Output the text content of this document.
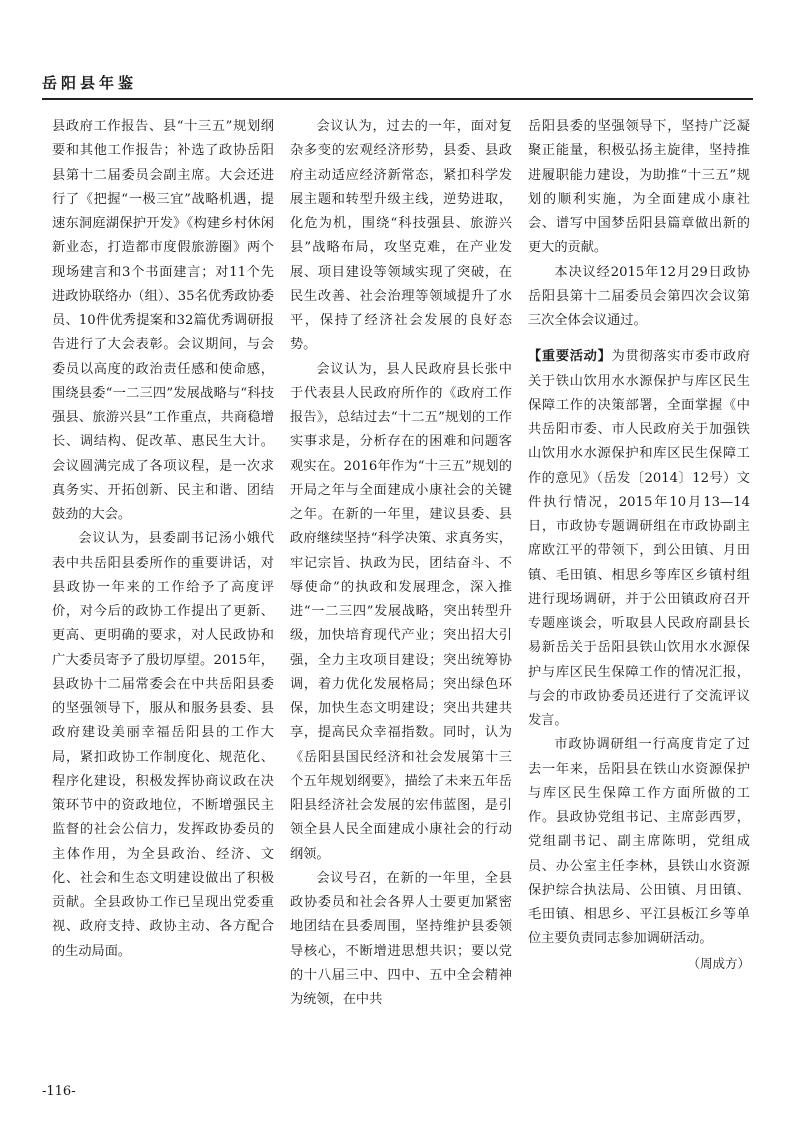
岳阳县年鉴

县政府工作报告、县“十三五”规划纲要和其他工作报告；补选了政协岳阳县第十二届委员会副主席。大会还进行了《把握“一极三宜”战略机遇，提速东洞庭湖保护开发》《构建乡村休闲新业态，打造都市度假旅游圈》两个现场建言和3个书面建言；对11个先进政协联络办（组）、35名优秀政协委员、10件优秀提案和32篇优秀调研报告进行了大会表彰。会议期间，与会委员以高度的政治责任感和使命感，围绕县委“一二三四”发展战略与“科技强县、旅游兴县”工作重点，共商稳增长、调结构、促改革、惠民生大计。会议圆满完成了各项议程，是一次求真务实、开拓创新、民主和谐、团结鼓劲的大会。

会议认为，县委副书记汤小娥代表中共岳阳县委所作的重要讲话，对县政协一年来的工作给予了高度评价，对今后的政协工作提出了更新、更高、更明确的要求，对人民政协和广大委员寄予了殷切厚望。2015年，县政协十二届常委会在中共岳阳县委的坚强领导下，服从和服务县委、县政府建设美丽幸福岳阳县的工作大局，紧扣政协工作制度化、规范化、程序化建设，积极发挥协商议政在决策环节中的资政地位，不断增强民主监督的社会公信力，发挥政协委员的主体作用，为全县政治、经济、文化、社会和生态文明建设做出了积极贡献。全县政协工作已呈现出党委重视、政府支持、政协主动、各方配合的生动局面。

会议认为，过去的一年，面对复杂多变的宏观经济形势，县委、县政府主动适应经济新常态，紧扣科学发展主题和转型升级主线，逆势进取，化危为机，围绕“科技强县、旅游兴县”战略布局，攻坚克难，在产业发展、项目建设等领域实现了突破，在民生改善、社会治理等领域提升了水平，保持了经济社会发展的良好态势。

会议认为，县人民政府县长张中于代表县人民政府所作的《政府工作报告》，总结过去“十二五”规划的工作实事求是，分析存在的困难和问题客观实在。2016年作为“十三五”规划的开局之年与全面建成小康社会的关键之年。在新的一年里，建议县委、县政府继续坚持“科学决策、求真务实，牢记宗旨、执政为民，团结奋斗、不辱使命”的执政和发展理念，深入推进“一二三四”发展战略，突出转型升级，加快培育现代产业；突出招大引强，全力主攻项目建设；突出统筹协调，着力优化发展格局；突出绿色环保，加快生态文明建设；突出共建共享，提高民众幸福指数。同时，认为《岳阳县国民经济和社会发展第十三个五年规划纲要》，描绘了未来五年岳阳县经济社会发展的宏伟蓝图，是引领全县人民全面建成小康社会的行动纲领。

会议号召，在新的一年里，全县政协委员和社会各界人士要更加紧密地团结在县委周围，坚持维护县委领导核心，不断增进思想共识；要以党的十八届三中、四中、五中全会精神为统领，在中共

岳阳县委的坚强领导下，坚持广泛凝聚正能量，积极弘扬主旋律，坚持推进履职能力建设，为助推“十三五”规划的顺利实施，为全面建成小康社会、谱写中国梦岳阳县篇章做出新的更大的贡献。

本决议经2015年12月29日政协岳阳县第十二届委员会第四次会议第三次全体会议通过。

【重要活动】为贯彻落实市委市政府关于铁山饮用水水源保护与库区民生保障工作的决策部署，全面掌握《中共岳阳市委、市人民政府关于加强铁山饮用水水源保护和库区民生保障工作的意见》（岳发〔2014〕12号）文件执行情况，2015年10月13—14日，市政协专题调研组在市政协副主席欧江平的带领下，到公田镇、月田镇、毛田镇、相思乡等库区乡镇村组进行现场调研，并于公田镇政府召开专题座谈会，听取县人民政府副县长易新岳关于岳阳县铁山饮用水水源保护与库区民生保障工作的情况汇报，与会的市政协委员还进行了交流评议发言。

市政协调研组一行高度肯定了过去一年来，岳阳县在铁山水资源保护与库区民生保障工作方面所做的工作。县政协党组书记、主席彭西罗，党组副书记、副主席陈明，党组成员、办公室主任李林，县铁山水资源保护综合执法局、公田镇、月田镇、毛田镇、相思乡、平江县板江乡等单位主要负责同志参加调研活动。

（周成方）

-116-
